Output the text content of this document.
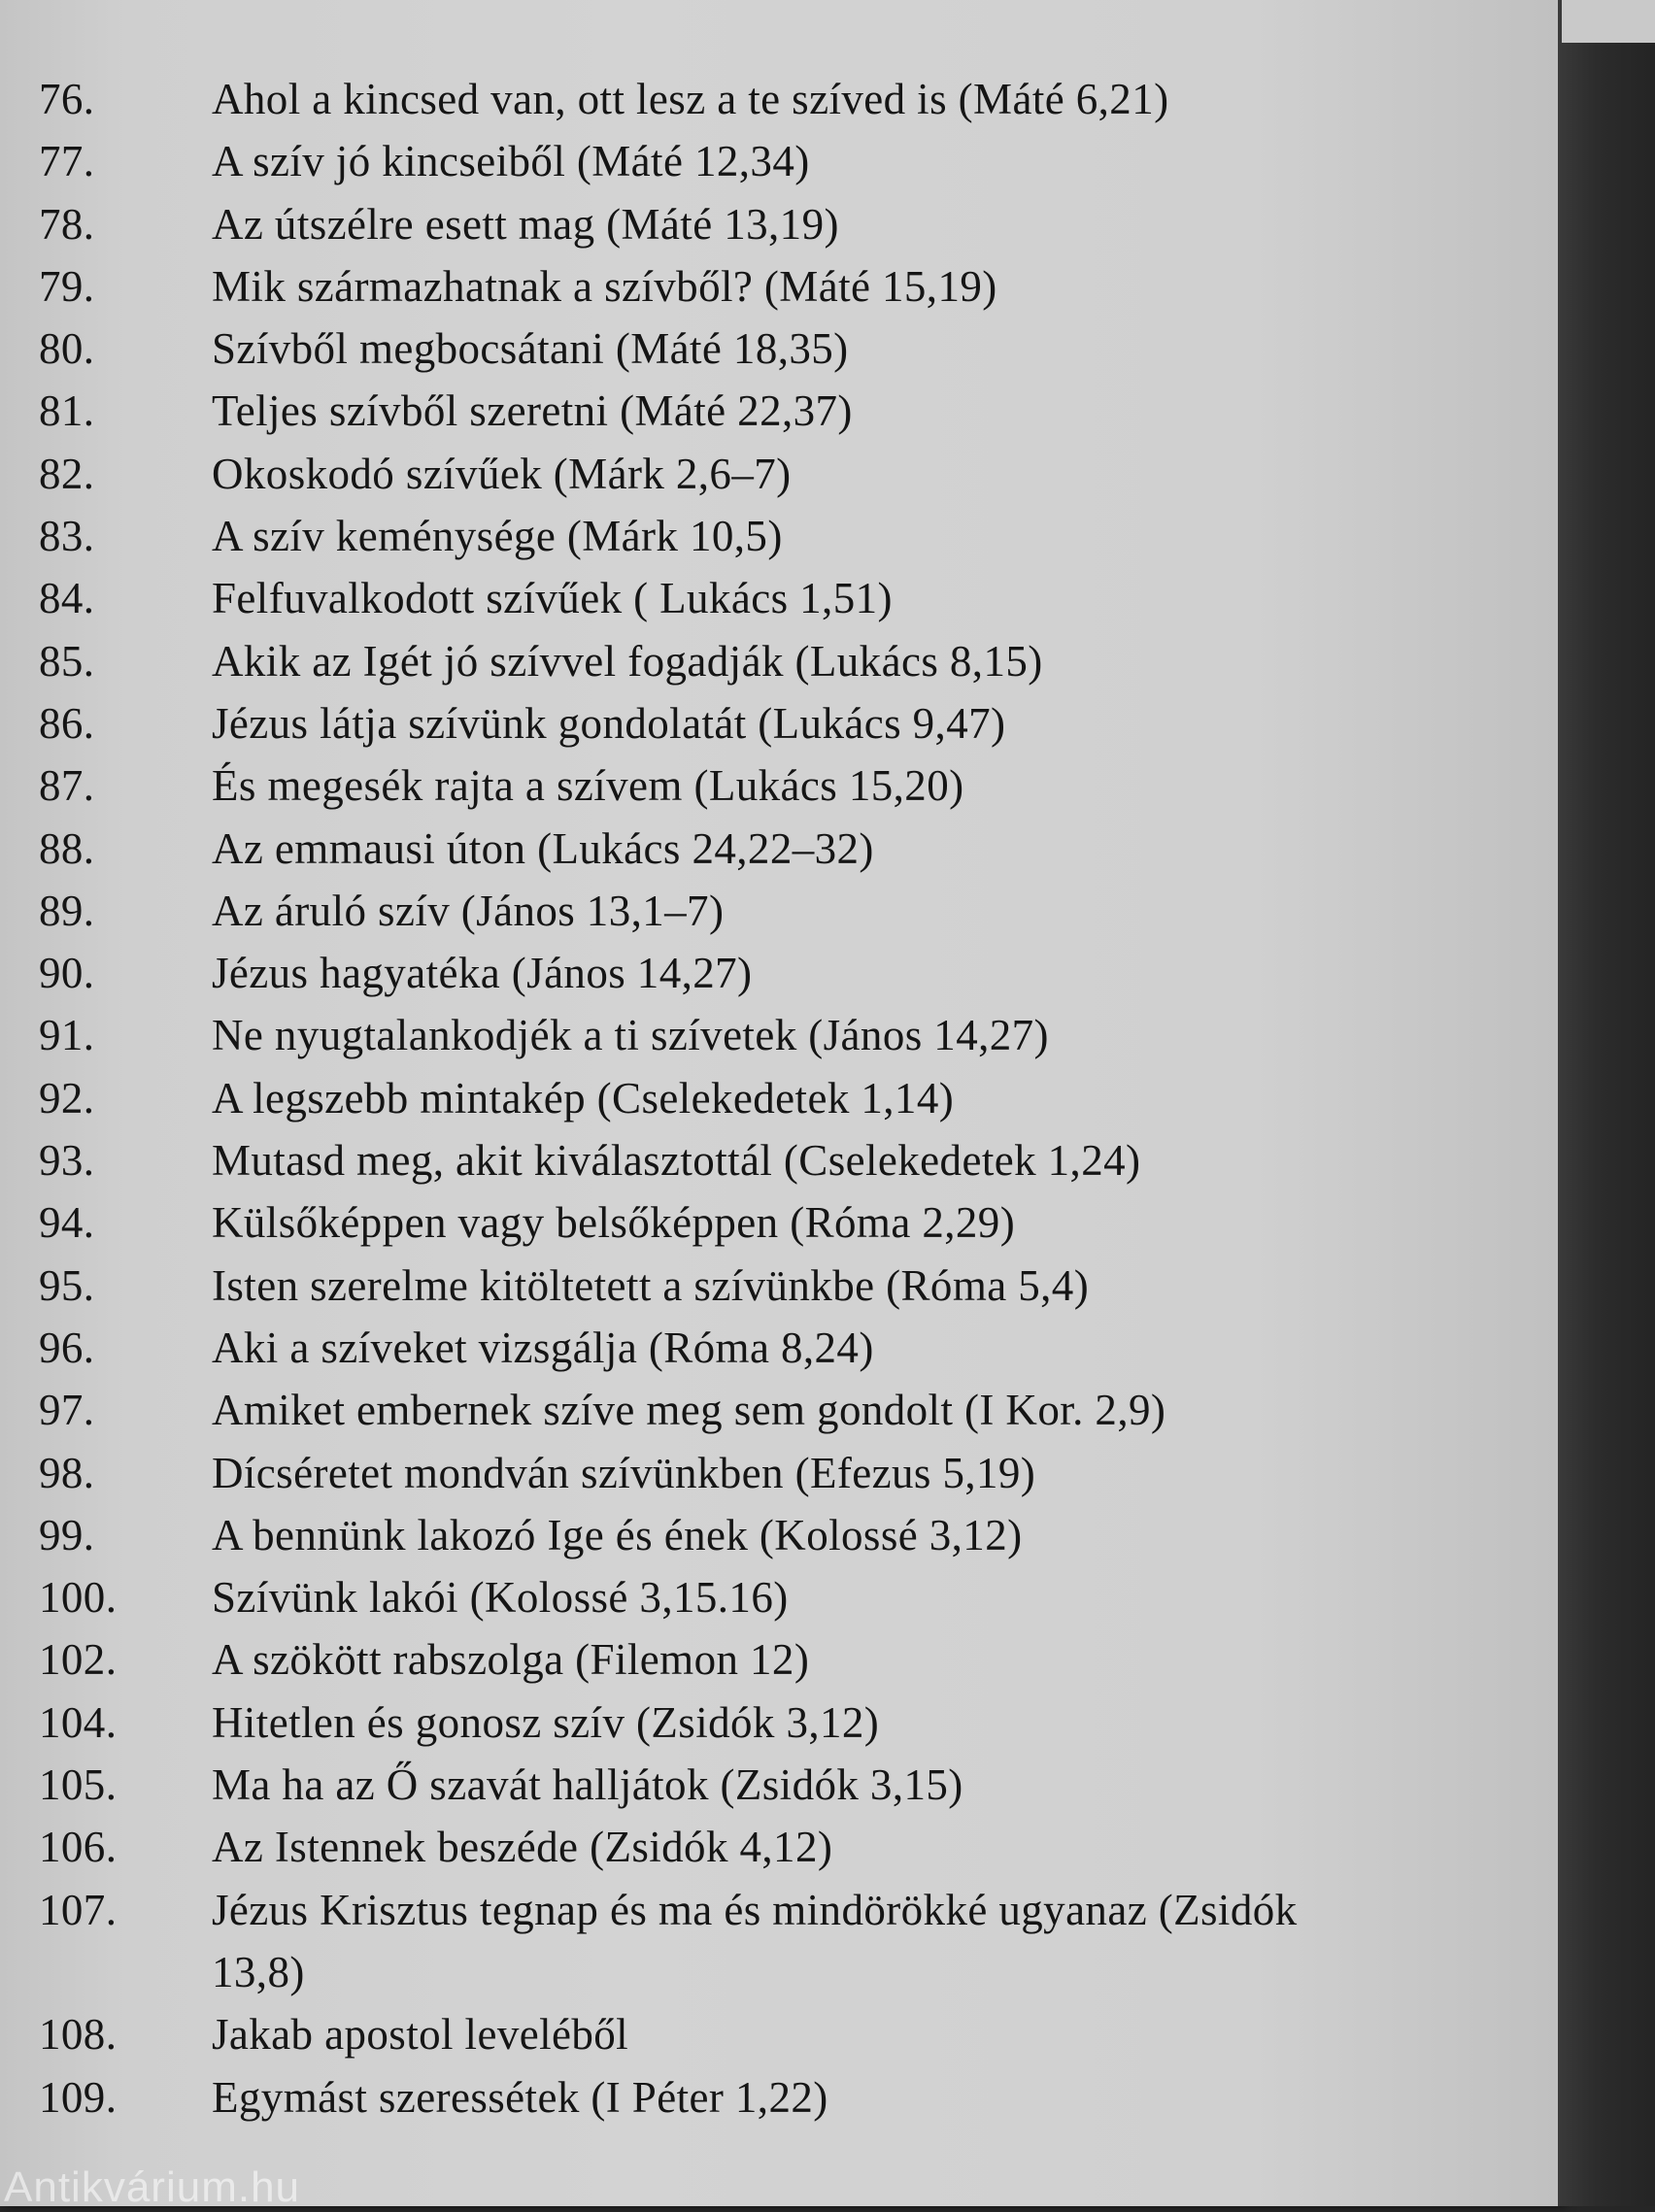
76.	Ahol a kincsed van, ott lesz a te szíved is (Máté 6,21)
77.	A szív jó kincseiből (Máté 12,34)
78.	Az útszélre esett mag (Máté 13,19)
79.	Mik származhatnak a szívből? (Máté 15,19)
80.	Szívből megbocsátani (Máté 18,35)
81.	Teljes szívből szeretni (Máté 22,37)
82.	Okoskodó szívűek (Márk 2,6–7)
83.	A szív keménysége (Márk 10,5)
84.	Felfuvalkodott szívűek ( Lukács 1,51)
85.	Akik az Igét jó szívvel fogadják (Lukács 8,15)
86.	Jézus látja szívünk gondolatát (Lukács 9,47)
87.	És megesék rajta a szívem (Lukács 15,20)
88.	Az emmausi úton (Lukács 24,22–32)
89.	Az áruló szív (János 13,1–7)
90.	Jézus hagyatéka (János 14,27)
91.	Ne nyugtalankodjék a ti szívetek (János 14,27)
92.	A legszebb mintakép (Cselekedetek 1,14)
93.	Mutasd meg, akit kiválasztottál (Cselekedetek 1,24)
94.	Külsőképpen vagy belsőképpen (Róma 2,29)
95.	Isten szerelme kitöltetett a szívünkbe (Róma 5,4)
96.	Aki a szíveket vizsgálja (Róma 8,24)
97.	Amiket embernek szíve meg sem gondolt (I Kor. 2,9)
98.	Dícséretet mondván szívünkben (Efezus 5,19)
99.	A bennünk lakozó Ige és ének (Kolossé 3,12)
100.	Szívünk lakói (Kolossé 3,15.16)
102.	A szökött rabszolga (Filemon 12)
104.	Hitetlen és gonosz szív (Zsidók 3,12)
105.	Ma ha az Ő szavát halljátok (Zsidók 3,15)
106.	Az Istennek beszéde (Zsidók 4,12)
107.	Jézus Krisztus tegnap és ma és mindörökké ugyanaz (Zsidók 13,8)
108.	Jakab apostol leveléből
109.	Egymást szeressétek (I Péter 1,22)
Antikvárium.hu
